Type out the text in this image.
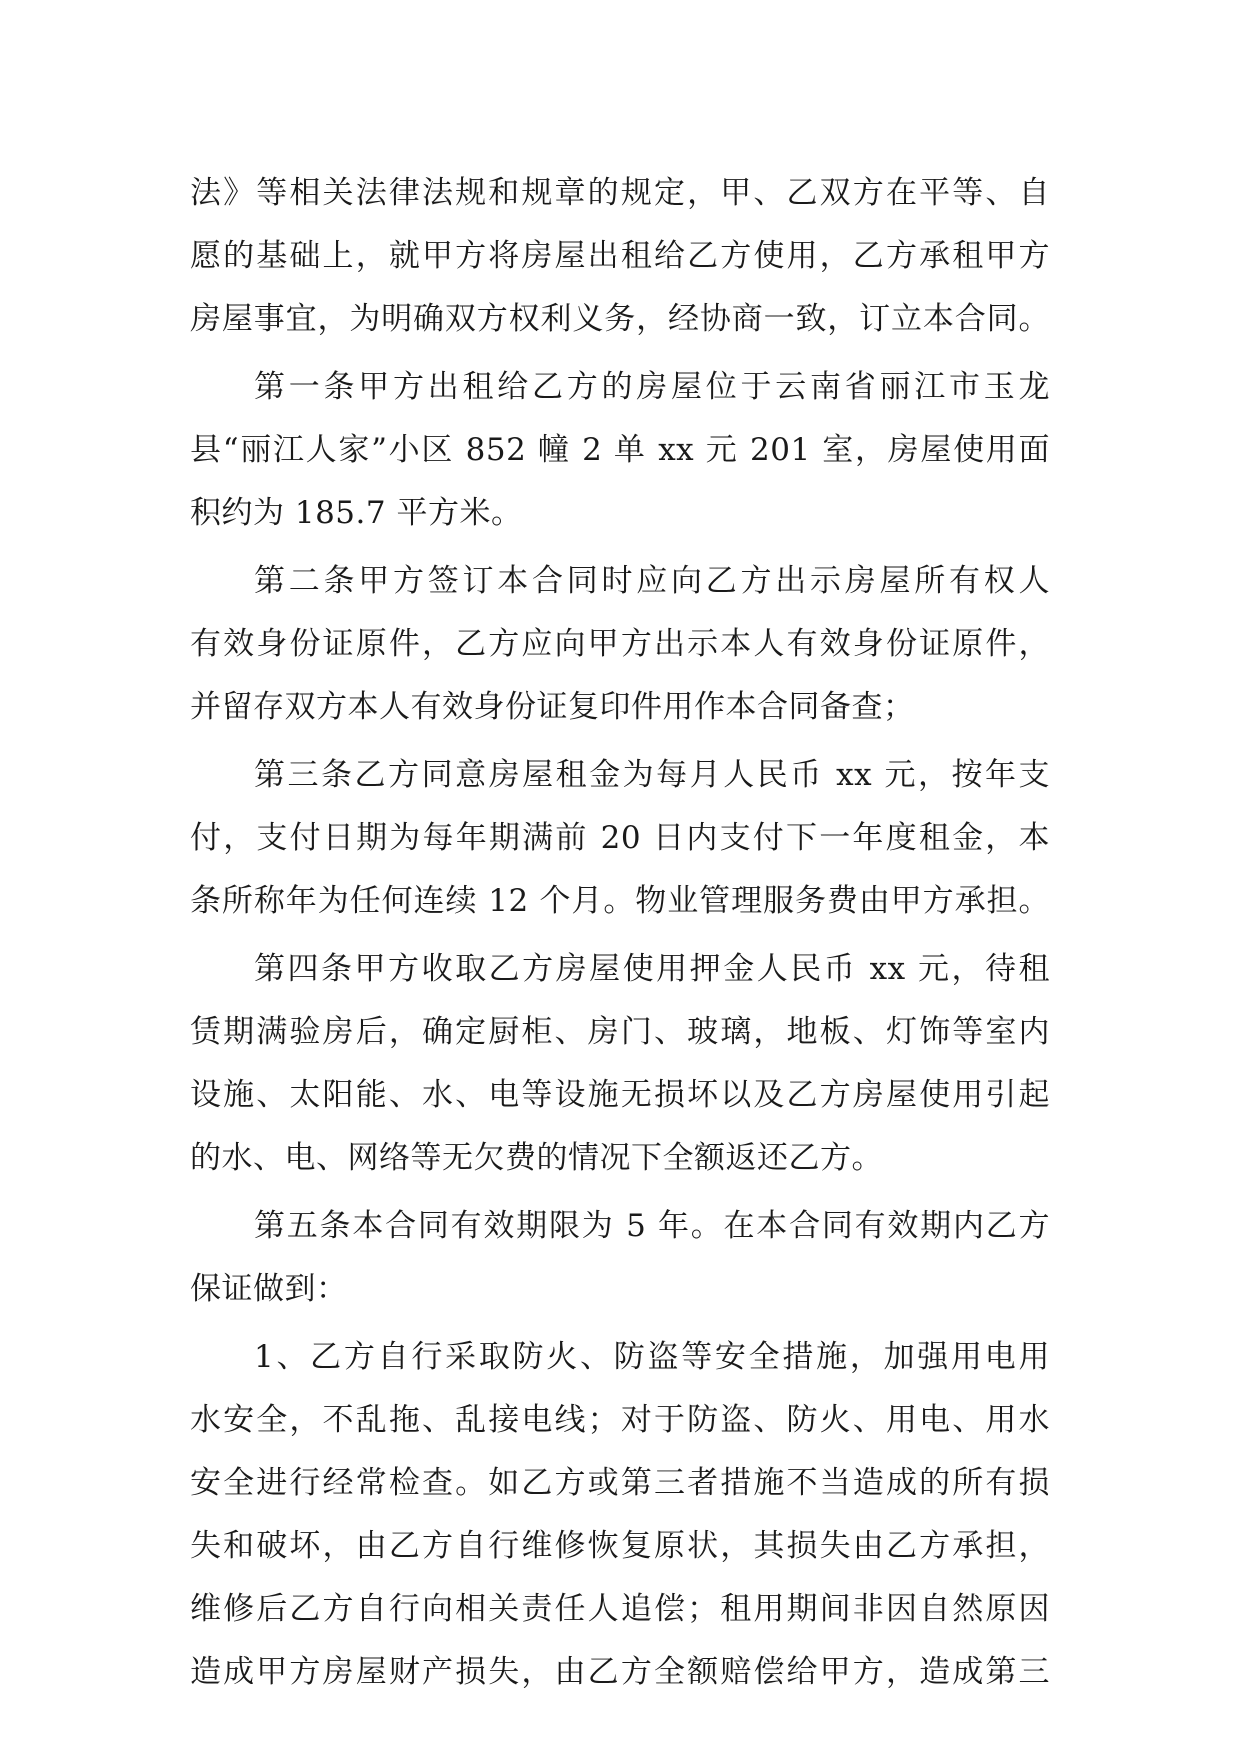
法》等相关法律法规和规章的规定，甲、乙双方在平等、自
愿的基础上，就甲方将房屋出租给乙方使用，乙方承租甲方
房屋事宜，为明确双方权利义务，经协商一致，订立本合同。
第一条甲方出租给乙方的房屋位于云南省丽江市玉龙
县“丽江人家”小区 852 幢 2 单 xx 元 201 室，房屋使用面
积约为 185.7 平方米。
第二条甲方签订本合同时应向乙方出示房屋所有权人
有效身份证原件，乙方应向甲方出示本人有效身份证原件，
并留存双方本人有效身份证复印件用作本合同备查；
第三条乙方同意房屋租金为每月人民币 xx 元，按年支
付，支付日期为每年期满前 20 日内支付下一年度租金，本
条所称年为任何连续 12 个月。物业管理服务费由甲方承担。
第四条甲方收取乙方房屋使用押金人民币 xx 元，待租
赁期满验房后，确定厨柜、房门、玻璃，地板、灯饰等室内
设施、太阳能、水、电等设施无损坏以及乙方房屋使用引起
的水、电、网络等无欠费的情况下全额返还乙方。
第五条本合同有效期限为 5 年。在本合同有效期内乙方
保证做到：
1、乙方自行采取防火、防盗等安全措施，加强用电用
水安全，不乱拖、乱接电线；对于防盗、防火、用电、用水
安全进行经常检查。如乙方或第三者措施不当造成的所有损
失和破坏，由乙方自行维修恢复原状，其损失由乙方承担，
维修后乙方自行向相关责任人追偿；租用期间非因自然原因
造成甲方房屋财产损失，由乙方全额赔偿给甲方，造成第三
